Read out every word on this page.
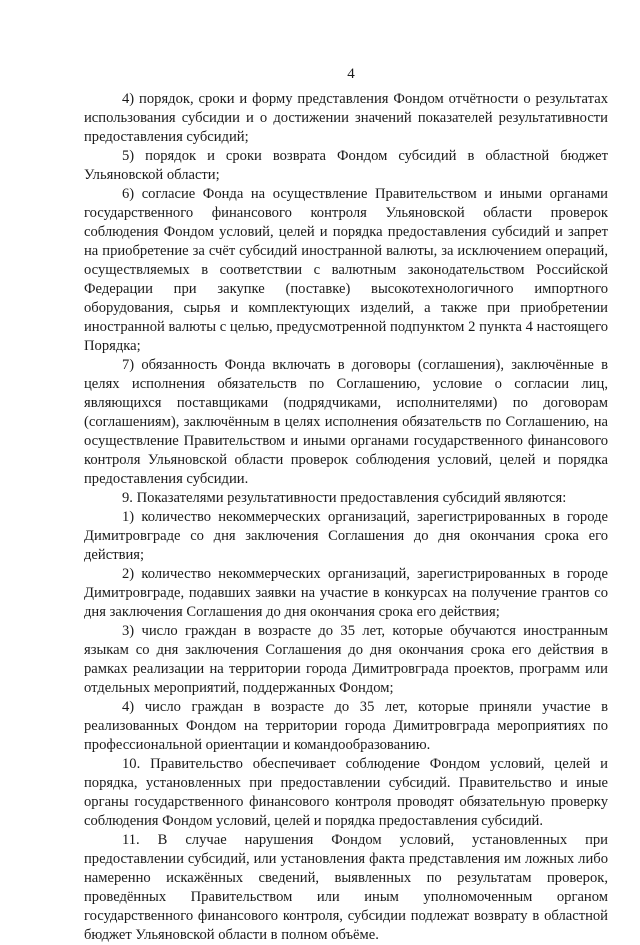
4

4) порядок, сроки и форму представления Фондом отчётности о результатах использования субсидии и о достижении значений показателей результативности предоставления субсидий;

5) порядок и сроки возврата Фондом субсидий в областной бюджет Ульяновской области;

6) согласие Фонда на осуществление Правительством и иными органами государственного финансового контроля Ульяновской области проверок соблюдения Фондом условий, целей и порядка предоставления субсидий и запрет на приобретение за счёт субсидий иностранной валюты, за исключением операций, осуществляемых в соответствии с валютным законодательством Российской Федерации при закупке (поставке) высокотехнологичного импортного оборудования, сырья и комплектующих изделий, а также при приобретении иностранной валюты с целью, предусмотренной подпунктом 2 пункта 4 настоящего Порядка;

7) обязанность Фонда включать в договоры (соглашения), заключённые в целях исполнения обязательств по Соглашению, условие о согласии лиц, являющихся поставщиками (подрядчиками, исполнителями) по договорам (соглашениям), заключённым в целях исполнения обязательств по Соглашению, на осуществление Правительством и иными органами государственного финансового контроля Ульяновской области проверок соблюдения условий, целей и порядка предоставления субсидии.

9. Показателями результативности предоставления субсидий являются:

1) количество некоммерческих организаций, зарегистрированных в городе Димитровграде со дня заключения Соглашения до дня окончания срока его действия;

2) количество некоммерческих организаций, зарегистрированных в городе Димитровграде, подавших заявки на участие в конкурсах на получение грантов со дня заключения Соглашения до дня окончания срока его действия;

3) число граждан в возрасте до 35 лет, которые обучаются иностранным языкам со дня заключения Соглашения до дня окончания срока его действия в рамках реализации на территории города Димитровграда проектов, программ или отдельных мероприятий, поддержанных Фондом;

4) число граждан в возрасте до 35 лет, которые приняли участие в реализованных Фондом на территории города Димитровграда мероприятиях по профессиональной ориентации и командообразованию.

10. Правительство обеспечивает соблюдение Фондом условий, целей и порядка, установленных при предоставлении субсидий. Правительство и иные органы государственного финансового контроля проводят обязательную проверку соблюдения Фондом условий, целей и порядка предоставления субсидий.

11. В случае нарушения Фондом условий, установленных при предоставлении субсидий, или установления факта представления им ложных либо намеренно искажённых сведений, выявленных по результатам проверок, проведённых Правительством или иным уполномоченным органом государственного финансового контроля, субсидии подлежат возврату в областной бюджет Ульяновской области в полном объёме.
